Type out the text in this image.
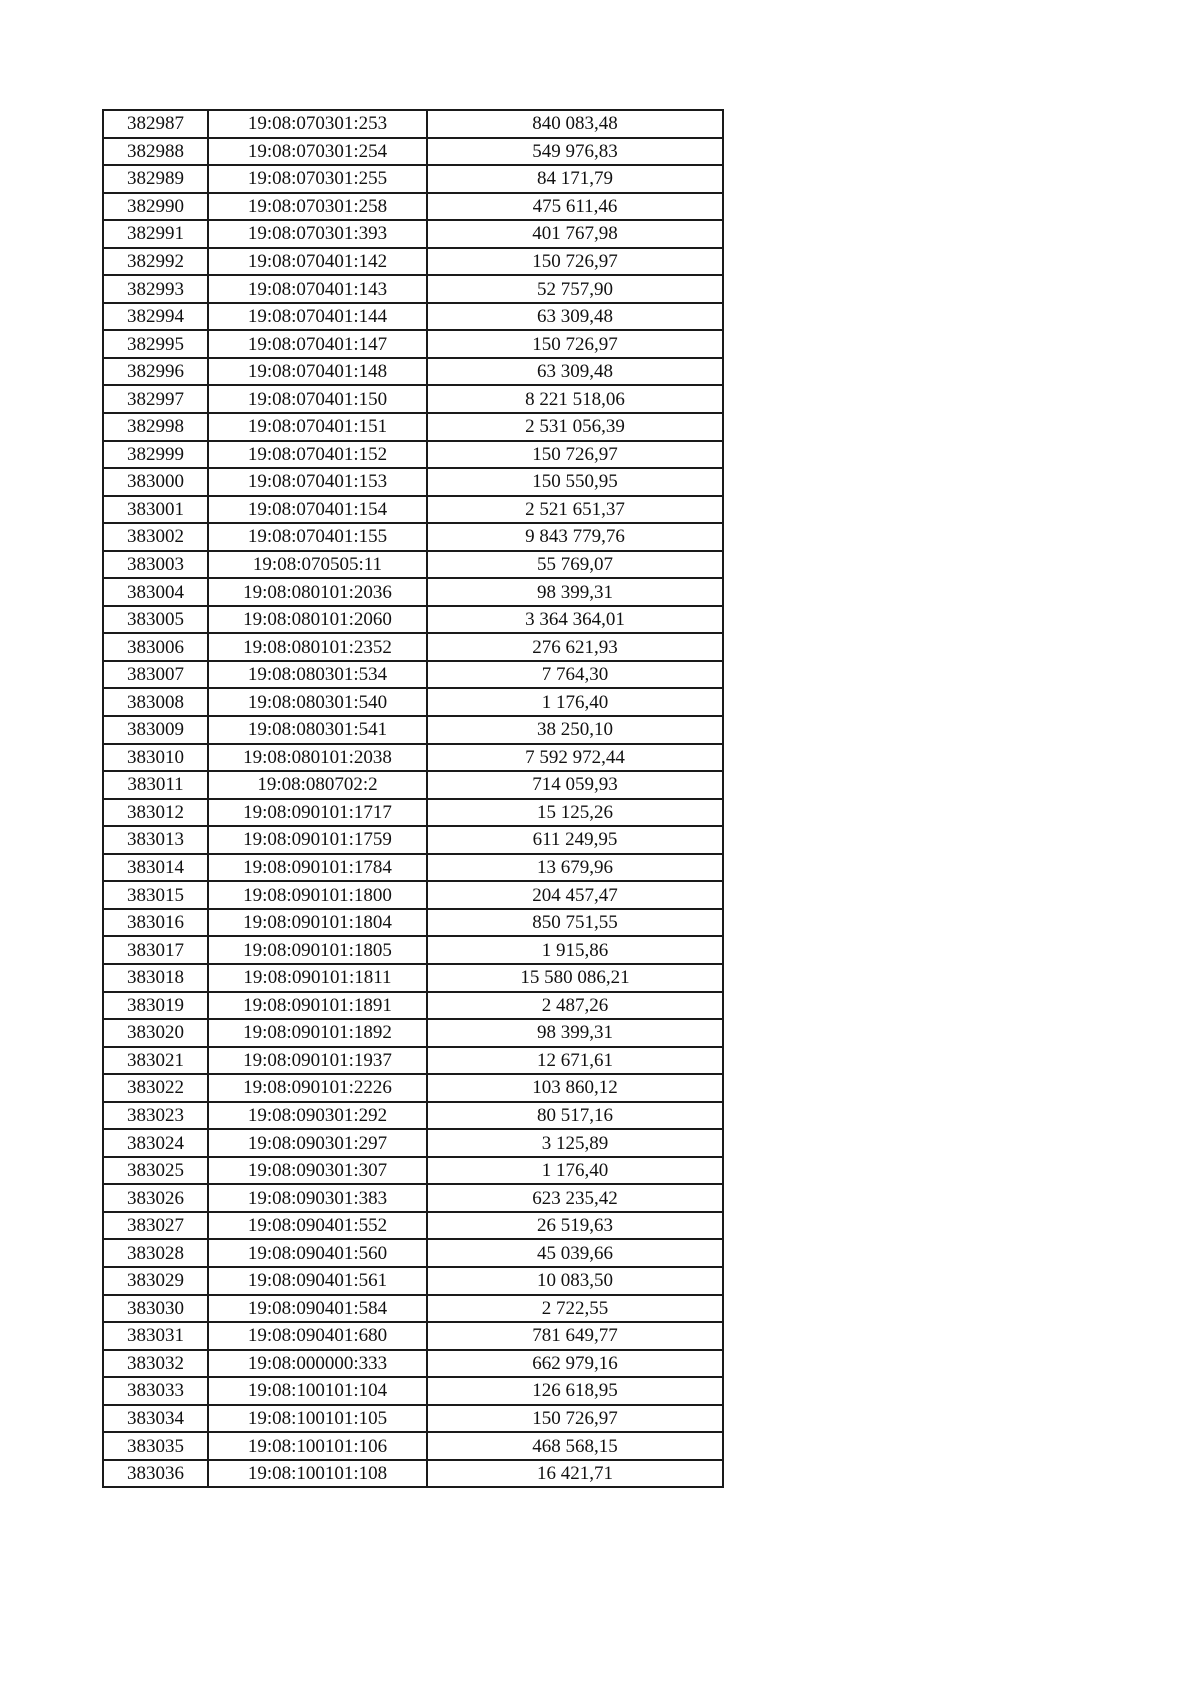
382987	19:08:070301:253	840 083,48
382988	19:08:070301:254	549 976,83
382989	19:08:070301:255	84 171,79
382990	19:08:070301:258	475 611,46
382991	19:08:070301:393	401 767,98
382992	19:08:070401:142	150 726,97
382993	19:08:070401:143	52 757,90
382994	19:08:070401:144	63 309,48
382995	19:08:070401:147	150 726,97
382996	19:08:070401:148	63 309,48
382997	19:08:070401:150	8 221 518,06
382998	19:08:070401:151	2 531 056,39
382999	19:08:070401:152	150 726,97
383000	19:08:070401:153	150 550,95
383001	19:08:070401:154	2 521 651,37
383002	19:08:070401:155	9 843 779,76
383003	19:08:070505:11	55 769,07
383004	19:08:080101:2036	98 399,31
383005	19:08:080101:2060	3 364 364,01
383006	19:08:080101:2352	276 621,93
383007	19:08:080301:534	7 764,30
383008	19:08:080301:540	1 176,40
383009	19:08:080301:541	38 250,10
383010	19:08:080101:2038	7 592 972,44
383011	19:08:080702:2	714 059,93
383012	19:08:090101:1717	15 125,26
383013	19:08:090101:1759	611 249,95
383014	19:08:090101:1784	13 679,96
383015	19:08:090101:1800	204 457,47
383016	19:08:090101:1804	850 751,55
383017	19:08:090101:1805	1 915,86
383018	19:08:090101:1811	15 580 086,21
383019	19:08:090101:1891	2 487,26
383020	19:08:090101:1892	98 399,31
383021	19:08:090101:1937	12 671,61
383022	19:08:090101:2226	103 860,12
383023	19:08:090301:292	80 517,16
383024	19:08:090301:297	3 125,89
383025	19:08:090301:307	1 176,40
383026	19:08:090301:383	623 235,42
383027	19:08:090401:552	26 519,63
383028	19:08:090401:560	45 039,66
383029	19:08:090401:561	10 083,50
383030	19:08:090401:584	2 722,55
383031	19:08:090401:680	781 649,77
383032	19:08:000000:333	662 979,16
383033	19:08:100101:104	126 618,95
383034	19:08:100101:105	150 726,97
383035	19:08:100101:106	468 568,15
383036	19:08:100101:108	16 421,71
